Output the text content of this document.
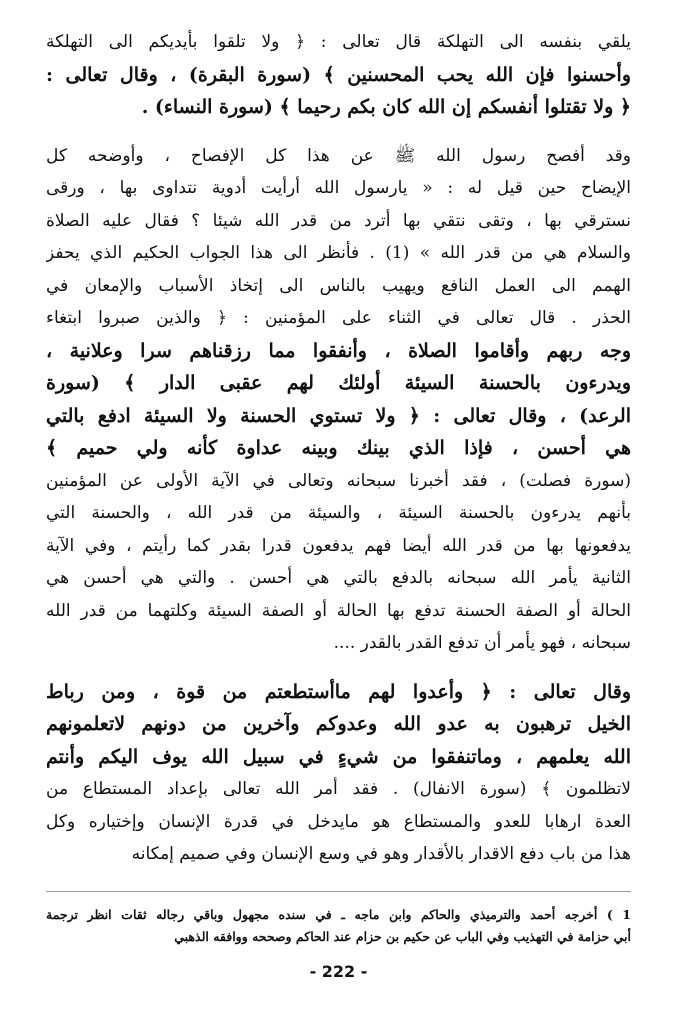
يلقي بنفسه الى التهلكة قال تعالى : ﴿ ولا تلقوا بأيديكم الى التهلكة
وأحسنوا فإن الله يحب المحسنين ﴾ (سورة البقرة) ، وقال تعالى :
﴿ ولا تقتلوا أنفسكم إن الله كان بكم رحيما ﴾ (سورة النساء) .
وقد أفصح رسول الله ﷺ عن هذا كل الإفصاح ، وأوضحه كل
الإيضاح حين قيل له : « يارسول الله أرأيت أدوية نتداوى بها ، ورقى
نسترقي بها ، وتقى نتقي بها أترد من قدر الله شيئا ؟ فقال عليه الصلاة
والسلام هي من قدر الله » (1) . فأنظر الى هذا الجواب الحكيم الذي يحفز
الهمم الى العمل النافع ويهيب بالناس الى إتخاذ الأسباب والإمعان في
الحذر . قال تعالى في الثناء على المؤمنين : ﴿ والذين صبروا ابتغاء
وجه ربهم وأقاموا الصلاة ، وأنفقوا مما رزقناهم سرا وعلانية ،
ويدرءون بالحسنة السيئة أولئك لهم عقبى الدار ﴾ (سورة
الرعد) ، وقال تعالى : ﴿ ولا تستوي الحسنة ولا السيئة ادفع بالتي
هي أحسن ، فإذا الذي بينك وبينه عداوة كأنه ولي حميم ﴾
(سورة فصلت) ، فقد أخبرنا سبحانه وتعالى في الآية الأولى عن المؤمنين
بأنهم يدرءون بالحسنة السيئة ، والسيئة من قدر الله ، والحسنة التي
يدفعونها بها من قدر الله أيضا فهم يدفعون قدرا بقدر كما رأيتم ، وفي الآية
الثانية يأمر الله سبحانه بالدفع بالتي هي أحسن . والتي هي أحسن هي
الحالة أو الصفة الحسنة تدفع بها الحالة أو الصفة السيئة وكلتهما من قدر الله
سبحانه ، فهو يأمر أن تدفع القدر بالقدر ....
وقال تعالى : ﴿ وأعدوا لهم ماأستطعتم من قوة ، ومن رباط
الخيل ترهبون به عدو الله وعدوكم وآخرين من دونهم لاتعلمونهم
الله يعلمهم ، وماتنفقوا من شيءٍ في سبيل الله يوف اليكم وأنتم
لاتظلمون ﴾ (سورة الانفال) . فقد أمر الله تعالى بإعداد المستطاع من
العدة ارهابا للعدو والمستطاع هو مايدخل في قدرة الإنسان وإختياره وكل
هذا من باب دفع الاقدار بالأقدار وهو في وسع الإنسان وفي صميم إمكانه
1 ) أخرجه أحمد والترميذي والحاكم وابن ماجه ـ في سنده مجهول وباقي رجاله ثقات انظر ترجمة
أبي حزامة في التهذيب وفي الباب عن حكيم بن حزام عند الحاكم وصححه ووافقه الذهبي
- 222 -
